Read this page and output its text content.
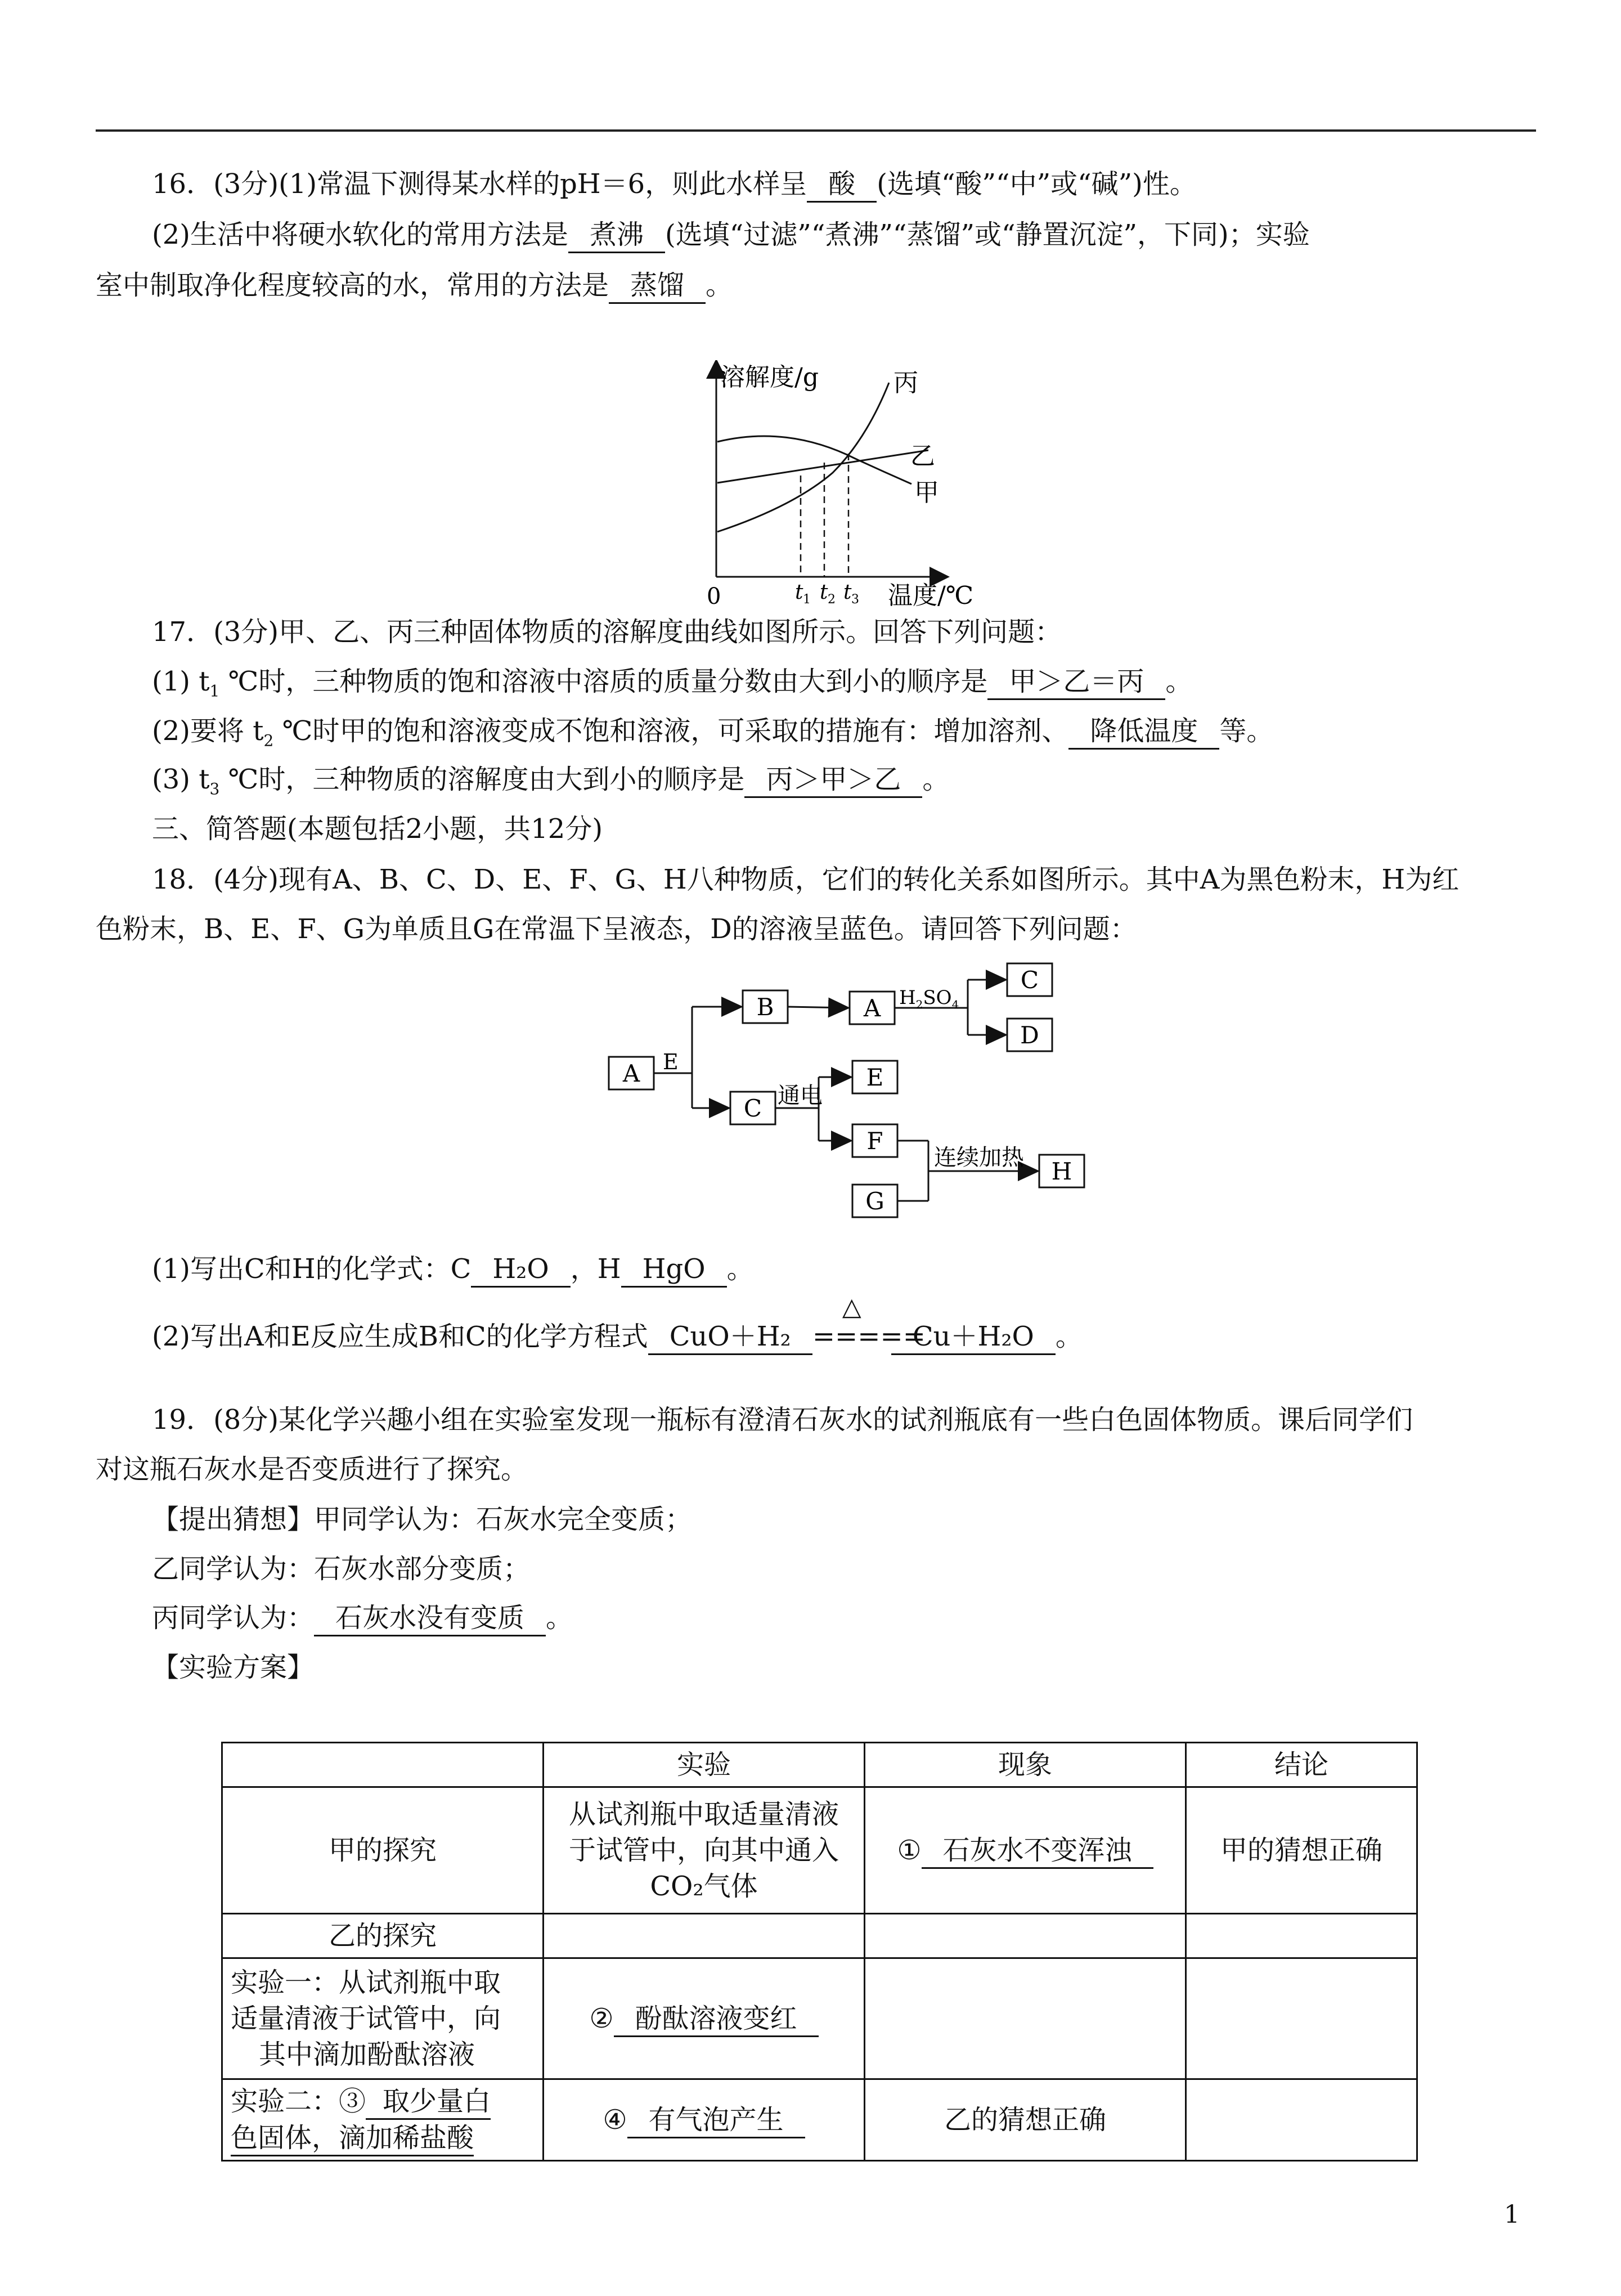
16．(3分)(1)常温下测得某水样的pH＝6，则此水样呈 酸 (选填“酸”“中”或“碱”)性。
(2)生活中将硬水软化的常用方法是 煮沸 (选填“过滤”“煮沸”“蒸馏”或“静置沉淀”，下同)；实验
室中制取净化程度较高的水，常用的方法是 蒸馏 。
溶解度/g	丙
乙
甲
0	t 1 t 2 t 3 温度/℃
17．(3分)甲、乙、丙三种固体物质的溶解度曲线如图所示。回答下列问题：
(1) $t_1$ ℃时，三种物质的饱和溶液中溶质的质量分数由大到小的顺序是 甲＞乙＝丙 。
(2)要将 $t_2$ ℃时甲的饱和溶液变成不饱和溶液，可采取的措施有：增加溶剂、 降低温度 等。
(3) $t_3$ ℃时，三种物质的溶解度由大到小的顺序是 丙＞甲＞乙 。
三、简答题(本题包括2小题，共12分)
18．(4分)现有A、B、C、D、E、F、G、H八种物质，它们的转化关系如图所示。其中A为黑色粉末，H为红
色粉末，B、E、F、G为单质且G在常温下呈液态，D的溶液呈蓝色。请回答下列问题：
A
B	A
C
D
C
E
F
G
H
E
$H_2SO_4$
通电
连续加热
(1)写出C和H的化学式：C H₂O ，H HgO 。
(2)写出A和E反应生成B和C的化学方程式 CuO＋H₂
△
=====Cu＋H₂O 。
19．(8分)某化学兴趣小组在实验室发现一瓶标有澄清石灰水的试剂瓶底有一些白色固体物质。课后同学们
对这瓶石灰水是否变质进行了探究。
【提出猜想】甲同学认为：石灰水完全变质；
乙同学认为：石灰水部分变质；
丙同学认为： 石灰水没有变质 。
【实验方案】
	实验	现象	结论
甲的探究	从试剂瓶中取适量清液
于试管中，向其中通入
CO₂气体	① 石灰水不变浑浊	甲的猜想正确
乙的探究			

实验一：从试剂瓶中取
适量清液于试管中，向
其中滴加酚酞溶液	② 酚酞溶液变红		

实验二：③ 取少量白
色固体，滴加稀盐酸	④ 有气泡产生	乙的猜想正确	
1
